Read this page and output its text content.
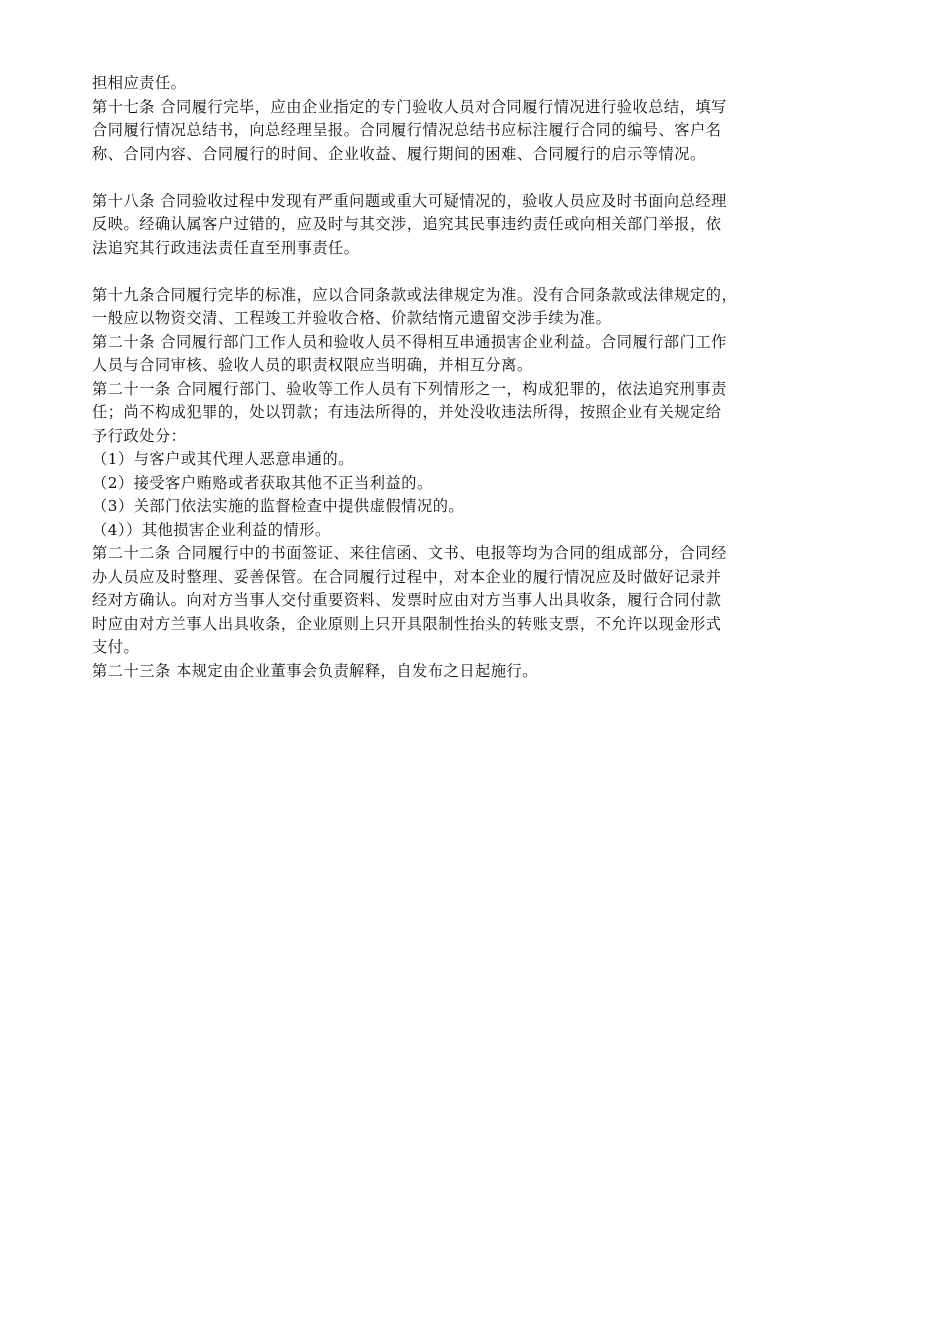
担相应责任。
第十七条 合同履行完毕，应由企业指定的专门验收人员对合同履行情况进行验收总结，填写
合同履行情况总结书，向总经理呈报。合同履行情况总结书应标注履行合同的编号、客户名
称、合同内容、合同履行的时间、企业收益、履行期间的困难、合同履行的启示等情况。
第十八条 合同验收过程中发现有严重问题或重大可疑情况的，验收人员应及时书面向总经理
反映。经确认属客户过错的，应及时与其交涉，追究其民事违约责任或向相关部门举报，依
法追究其行政违法责任直至刑事责任。
第十九条合同履行完毕的标准，应以合同条款或法律规定为准。没有合同条款或法律规定的，
一般应以物资交清、工程竣工并验收合格、价款结惰元遗留交涉手续为准。
第二十条 合同履行部门工作人员和验收人员不得相互串通损害企业利益。合同履行部门工作
人员与合同审核、验收人员的职责权限应当明确，并相互分离。
第二十一条 合同履行部门、验收等工作人员有下列情形之一，构成犯罪的，依法追究刑事责
任；尚不构成犯罪的，处以罚款；有违法所得的，并处没收违法所得，按照企业有关规定给
予行政处分：
（1）与客户或其代理人恶意串通的。
（2）接受客户贿赂或者获取其他不正当利益的。
（3）关部门依法实施的监督检查中提供虚假情况的。
（4））其他损害企业利益的情形。
第二十二条 合同履行中的书面签证、来往信函、文书、电报等均为合同的组成部分，合同经
办人员应及时整理、妥善保管。在合同履行过程中，对本企业的履行情况应及时做好记录并
经对方确认。向对方当事人交付重要资料、发票时应由对方当事人出具收条，履行合同付款
时应由对方兰事人出具收条，企业原则上只开具限制性抬头的转账支票，不允许以现金形式
支付。
第二十三条 本规定由企业董事会负责解释，自发布之日起施行。
